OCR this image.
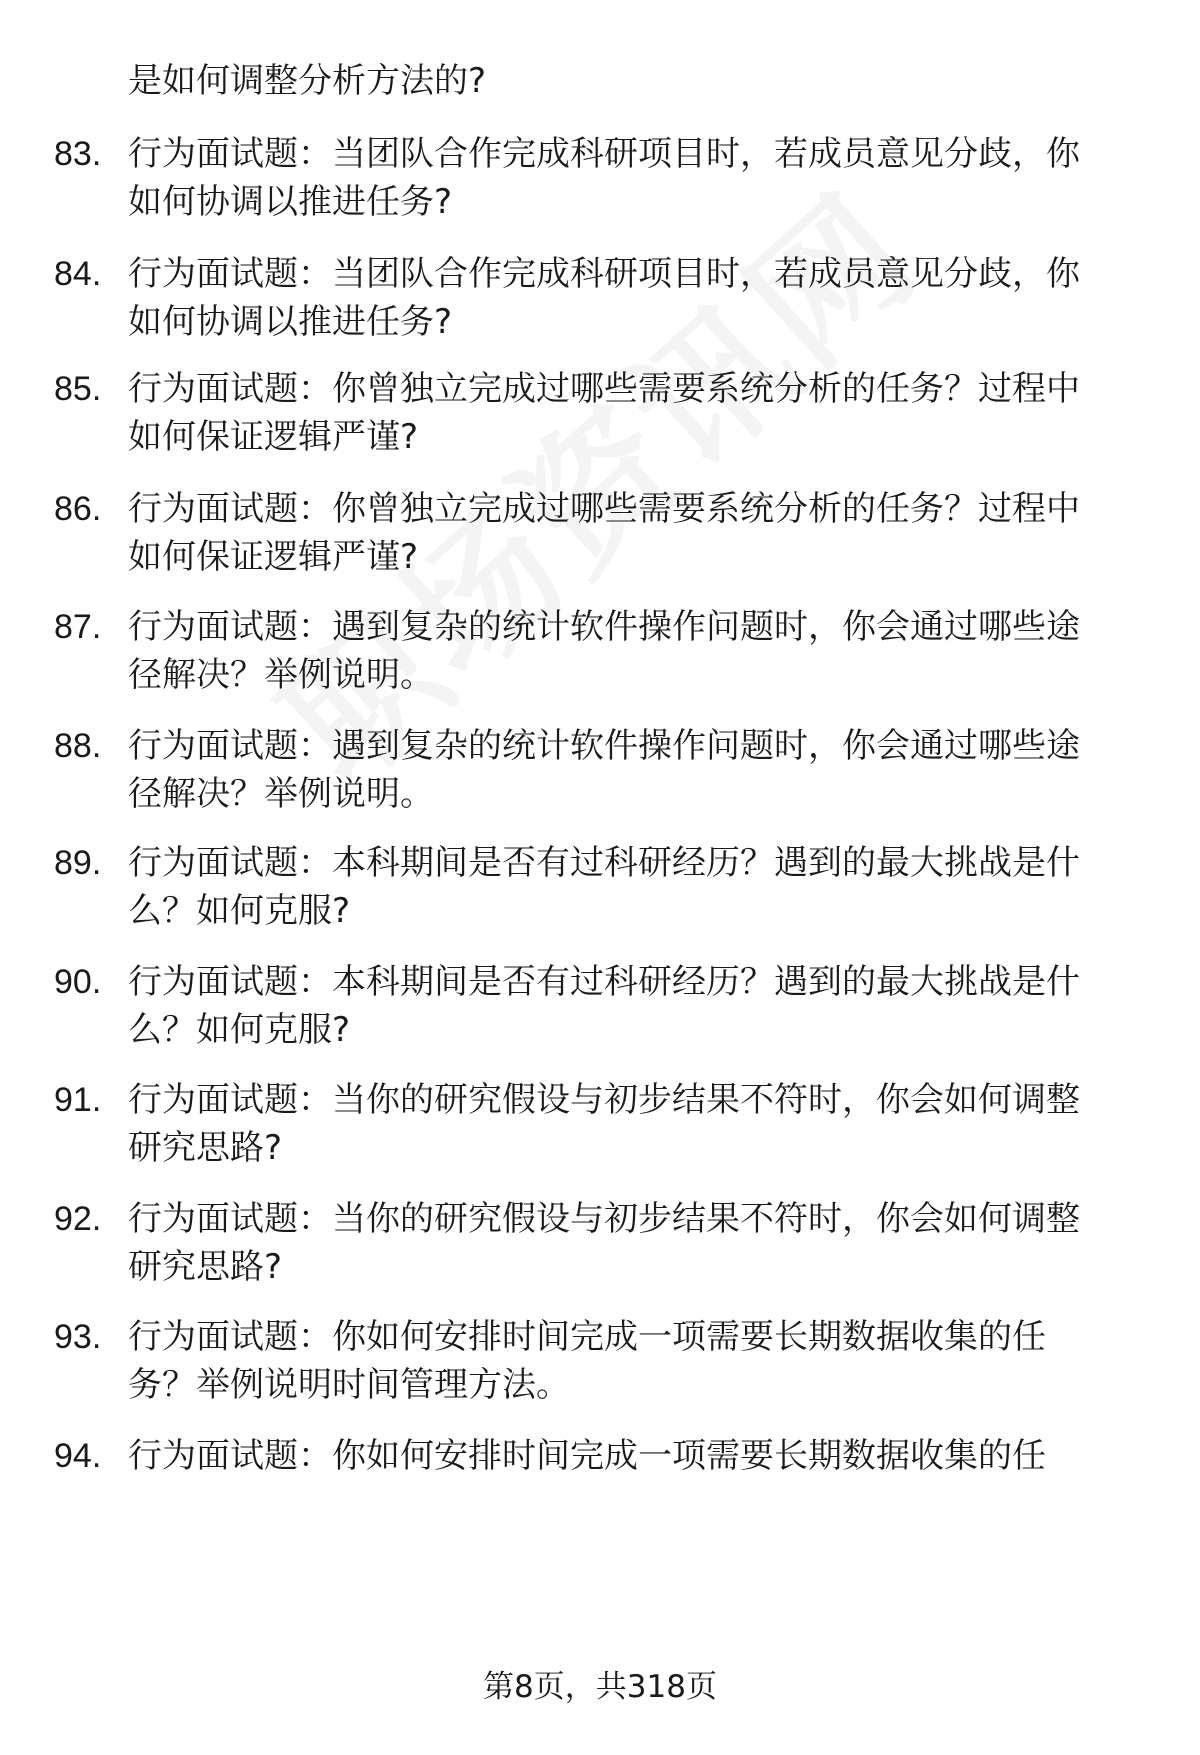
是如何调整分析方法的?
83. 行为面试题：当团队合作完成科研项目时，若成员意见分歧，你
如何协调以推进任务?
84. 行为面试题：当团队合作完成科研项目时，若成员意见分歧，你
如何协调以推进任务?
85. 行为面试题：你曾独立完成过哪些需要系统分析的任务？过程中
如何保证逻辑严谨?
86. 行为面试题：你曾独立完成过哪些需要系统分析的任务？过程中
如何保证逻辑严谨?
87. 行为面试题：遇到复杂的统计软件操作问题时，你会通过哪些途
径解决？举例说明。
88. 行为面试题：遇到复杂的统计软件操作问题时，你会通过哪些途
径解决？举例说明。
89. 行为面试题：本科期间是否有过科研经历？遇到的最大挑战是什
么？如何克服?
90. 行为面试题：本科期间是否有过科研经历？遇到的最大挑战是什
么？如何克服?
91. 行为面试题：当你的研究假设与初步结果不符时，你会如何调整
研究思路?
92. 行为面试题：当你的研究假设与初步结果不符时，你会如何调整
研究思路?
93. 行为面试题：你如何安排时间完成一项需要长期数据收集的任
务？举例说明时间管理方法。
94. 行为面试题：你如何安排时间完成一项需要长期数据收集的任
第8页，共318页
